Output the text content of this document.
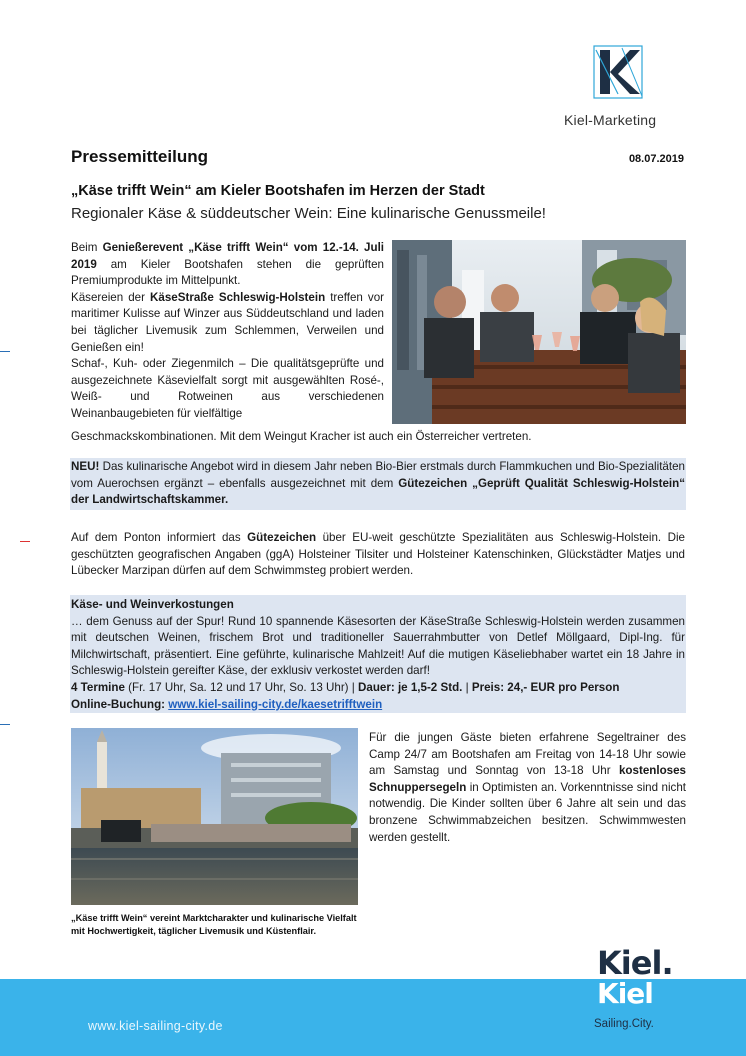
Kiel-Marketing
Pressemitteilung	08.07.2019
„Käse trifft Wein“ am Kieler Bootshafen im Herzen der Stadt
Regionaler Käse & süddeutscher Wein: Eine kulinarische Genussmeile!
Beim Genießerevent „Käse trifft Wein“ vom 12.-14. Juli 2019 am Kieler Bootshafen stehen die geprüften Premiumprodukte im Mittelpunkt.
Käsereien der KäseStraße Schleswig-Holstein treffen vor maritimer Kulisse auf Winzer aus Süddeutschland und laden bei täglicher Livemusik zum Schlemmen, Verweilen und Genießen ein!
Schaf-, Kuh- oder Ziegenmilch – Die qualitätsgeprüfte und ausgezeichnete Käsevielfalt sorgt mit ausgewählten Rosé-, Weiß- und Rotweinen aus verschiedenen Weinanbaugebieten für vielfältige
Geschmackskombinationen. Mit dem Weingut Kracher ist auch ein Österreicher vertreten.
NEU! Das kulinarische Angebot wird in diesem Jahr neben Bio-Bier erstmals durch Flammkuchen und Bio-Spezialitäten vom Auerochsen ergänzt – ebenfalls ausgezeichnet mit dem Gütezeichen „Geprüft Qualität Schleswig-Holstein“ der Landwirtschaftskammer.
Auf dem Ponton informiert das Gütezeichen über EU-weit geschützte Spezialitäten aus Schleswig-Holstein. Die geschützten geografischen Angaben (ggA) Holsteiner Tilsiter und Holsteiner Katenschinken, Glückstädter Matjes und Lübecker Marzipan dürfen auf dem Schwimmsteg probiert werden.
Käse- und Weinverkostungen
… dem Genuss auf der Spur! Rund 10 spannende Käsesorten der KäseStraße Schleswig-Holstein werden zusammen mit deutschen Weinen, frischem Brot und traditioneller Sauerrahmbutter von Detlef Möllgaard, Dipl-Ing. für Milchwirtschaft, präsentiert. Eine geführte, kulinarische Mahlzeit! Auf die mutigen Käseliebhaber wartet ein 18 Jahre in Schleswig-Holstein gereifter Käse, der exklusiv verkostet werden darf!
4 Termine (Fr. 17 Uhr, Sa. 12 und 17 Uhr, So. 13 Uhr) | Dauer: je 1,5-2 Std. | Preis: 24,- EUR pro Person
Online-Buchung: www.kiel-sailing-city.de/kaesetrifftwein
Für die jungen Gäste bieten erfahrene Segeltrainer des Camp 24/7 am Bootshafen am Freitag von 14-18 Uhr sowie am Samstag und Sonntag von 13-18 Uhr kostenloses Schnuppersegeln in Optimisten an. Vorkenntnisse sind nicht notwendig. Die Kinder sollten über 6 Jahre alt sein und das bronzene Schwimmabzeichen besitzen. Schwimmwesten werden gestellt.
„Käse trifft Wein“ vereint Marktcharakter und kulinarische Vielfalt mit Hochwertigkeit, täglicher Livemusik und Küstenflair.
www.kiel-sailing-city.de
Kiel.
Ki͏el
Sailing.City.
